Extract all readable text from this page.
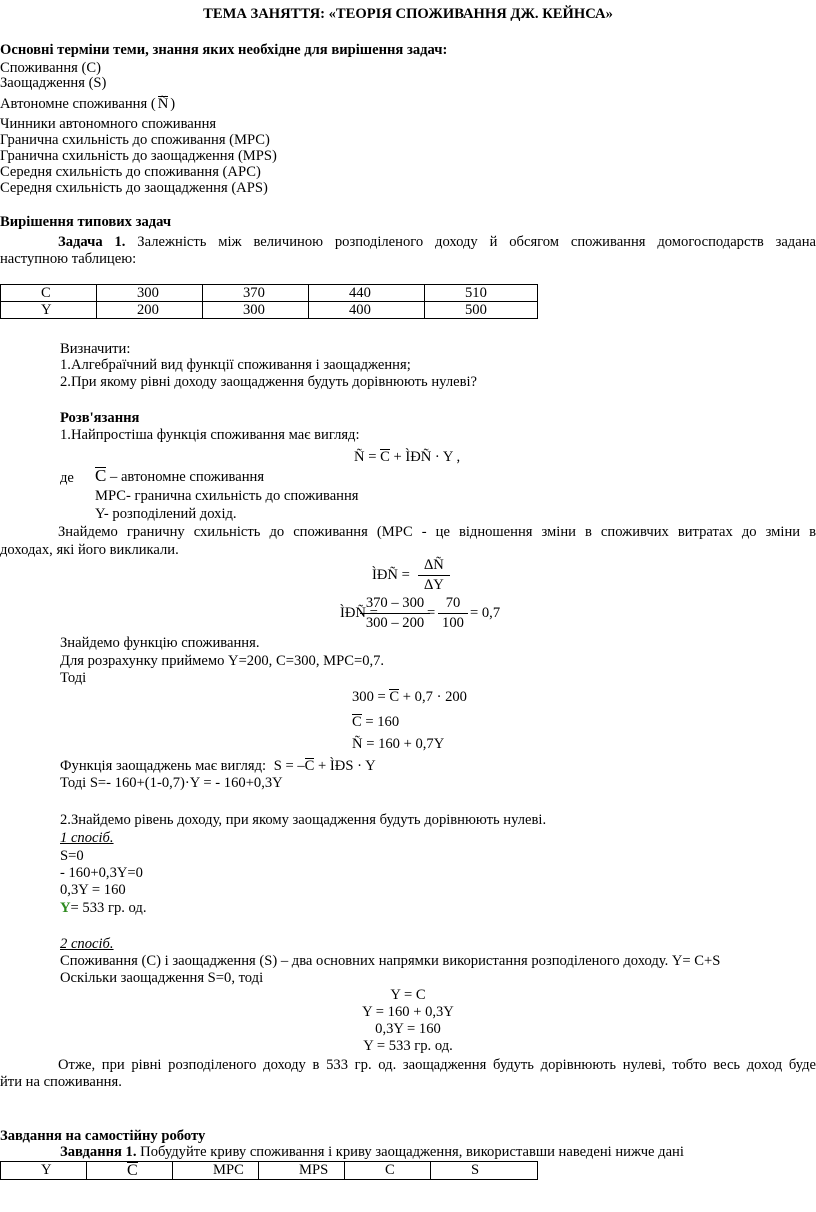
ТЕМА ЗАНЯТТЯ: «ТЕОРІЯ СПОЖИВАННЯ ДЖ. КЕЙНСА»
Основні терміни теми, знання яких необхідне для вирішення задач:
Споживання (С)
Заощадження (S)
Автономне споживання ( Ñ )
Чинники автономного споживання
Гранична схильність до споживання (МРС)
Гранична схильність до заощадження (МPS)
Середня схильність до споживання (АРС)
Середня схильність до заощадження (АРS)
Вирішення типових задач
Задача 1. Залежність між величиною розподіленого доходу й обсягом споживання домогосподарств задана
наступною таблицею:
С	300	370	440	510
Y	200	300	400	500
Визначити:
1.Алгебраїчний вид функції споживання і заощадження;
2.При якому рівні доходу заощадження будуть дорівнюють нулеві?
Розв'язання
1.Найпростіша функція споживання має вигляд:
Ñ = C + ÌÐÑ · Y ,
де C – автономне споживання
МРС- гранична схильність до споживання
Y- розподілений дохід.
Знайдемо граничну схильність до споживання (МРС - це відношення зміни в споживчих витратах до зміни в
доходах, які його викликали.
ÌÐÑ = $\frac{\Delta Ñ}{\Delta Y}$
ÌÐÑ =
$\frac{370 - 300}{300 - 200}$
= $\frac{70}{100} = 0,7$
Знайдемо функцію споживання.
Для розрахунку приймемо Y=200, C=300, MPC=0,7.
Тоді
300 = C + 0,7 · 200
C = 160
Ñ = 160 + 0,7Y
Функція заощаджень має вигляд: S = –C + ÌÐS · Y
Тоді S=- 160+(1-0,7)·Y = - 160+0,3Y
2.Знайдемо рівень доходу, при якому заощадження будуть дорівнюють нулеві.
1 спосіб.
S=0
- 160+0,3Y=0
0,3Y = 160
Y= 533 гр. од.
2 спосіб.
Споживання (С) і заощадження (S) – два основних напрямки використання розподіленого доходу. Y= C+S
Оскільки заощадження S=0, тоді
Y = C
Y = 160 + 0,3Y
0,3Y = 160
Y = 533 гр. од.
Отже, при рівні розподіленого доходу в 533 гр. од. заощадження будуть дорівнюють нулеві, тобто весь доход буде
йти на споживання.
Завдання на самостійну роботу
Завдання 1. Побудуйте криву споживання і криву заощадження, використавши наведені нижче дані
Y	C	MPC	MPS	C	S
